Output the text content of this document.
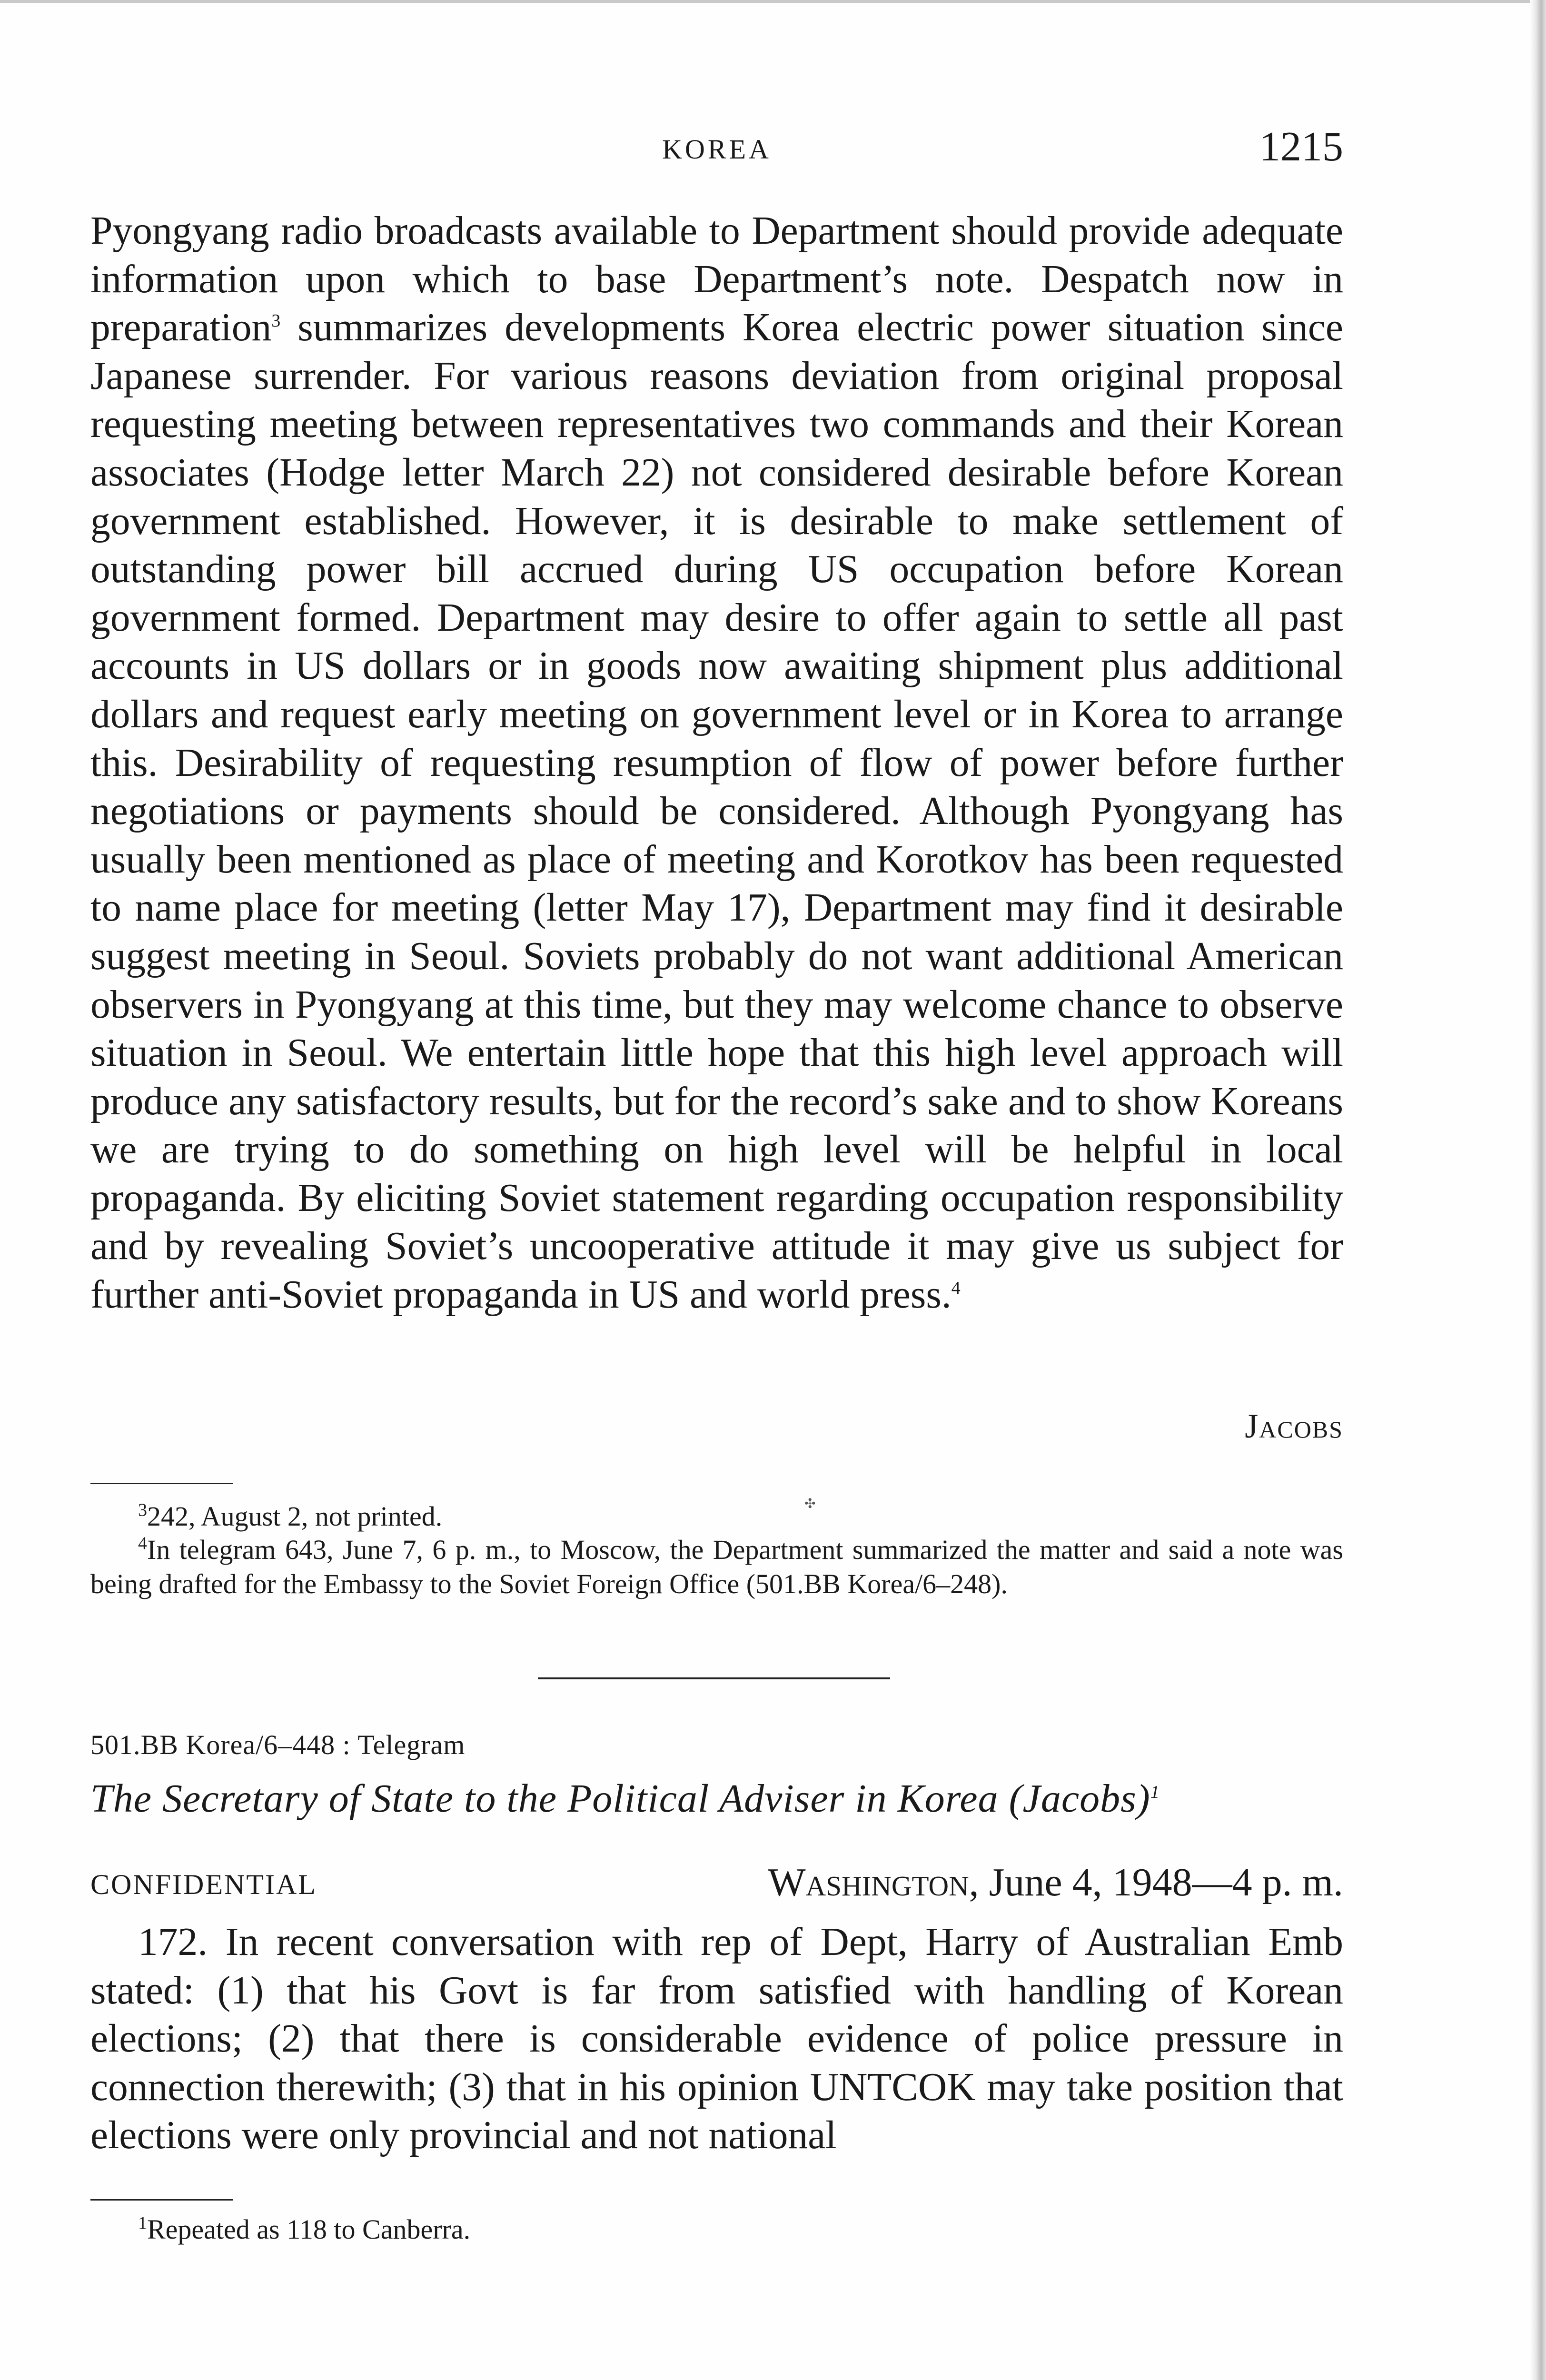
KOREA	1215

Pyongyang radio broadcasts available to Department should provide adequate information upon which to base Department’s note. Despatch now in preparation$^3$ summarizes developments Korea electric power situation since Japanese surrender. For various reasons deviation from original proposal requesting meeting between representatives two commands and their Korean associates (Hodge letter March 22) not considered desirable before Korean government established. However, it is desirable to make settlement of outstanding power bill accrued during US occupation before Korean government formed. Department may desire to offer again to settle all past accounts in US dollars or in goods now awaiting shipment plus additional dollars and request early meeting on government level or in Korea to arrange this. Desirability of requesting resumption of flow of power before further negotiations or payments should be considered. Although Pyongyang has usually been mentioned as place of meeting and Korotkov has been requested to name place for meeting (letter May 17), Department may find it desirable suggest meeting in Seoul. Soviets probably do not want additional American observers in Pyongyang at this time, but they may welcome chance to observe situation in Seoul. We entertain little hope that this high level approach will produce any satisfactory results, but for the record’s sake and to show Koreans we are trying to do something on high level will be helpful in local propaganda. By eliciting Soviet statement regarding occupation responsibility and by revealing Soviet’s uncooperative attitude it may give us subject for further anti-Soviet propaganda in US and world press.$^4$

Jacobs
✣

$^3$242, August 2, not printed.

$^4$In telegram 643, June 7, 6 p. m., to Moscow, the Department summarized the matter and said a note was being drafted for the Embassy to the Soviet Foreign Office (501.BB Korea/6–248).

501.BB Korea/6–448 : Telegram
The Secretary of State to the Political Adviser in Korea (Jacobs)$^1$
CONFIDENTIAL	Washington, June 4, 1948—4 p. m.

172. In recent conversation with rep of Dept, Harry of Australian Emb stated: (1) that his Govt is far from satisfied with handling of Korean elections; (2) that there is considerable evidence of police pressure in connection therewith; (3) that in his opinion UNTCOK may take position that elections were only provincial and not national

$^1$Repeated as 118 to Canberra.
